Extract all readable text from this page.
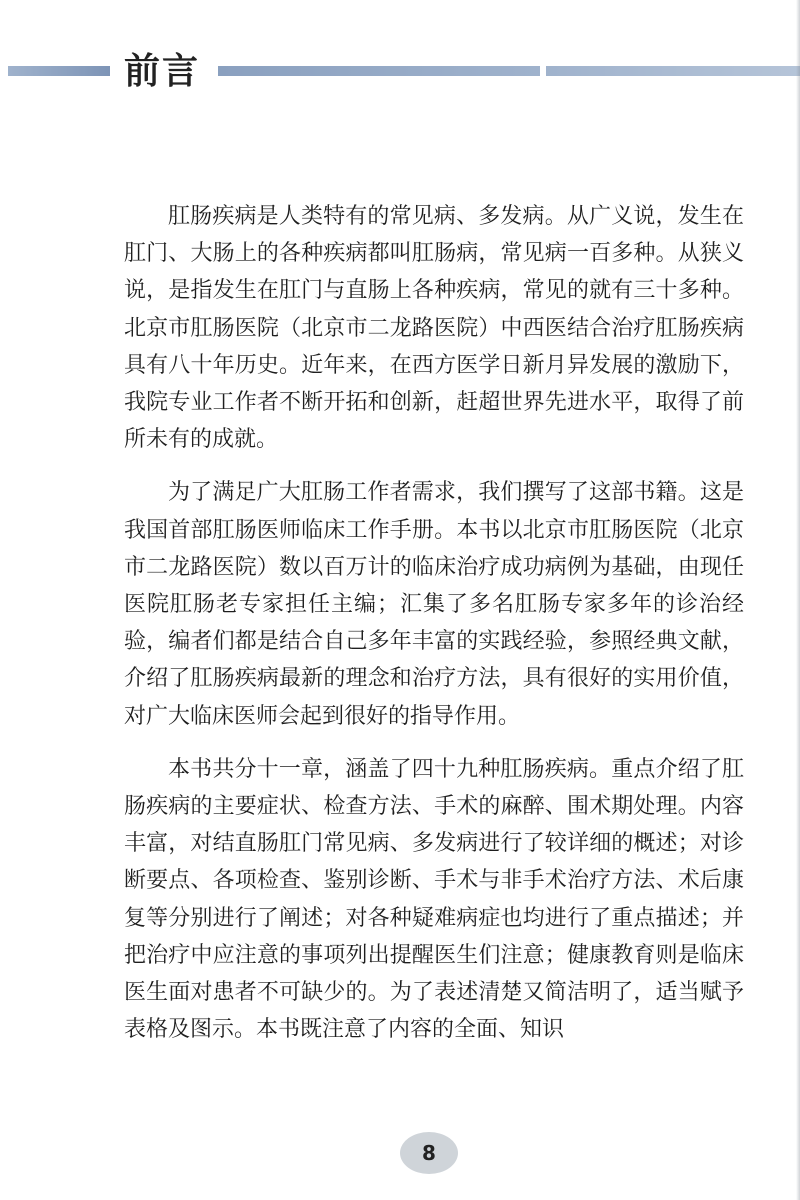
前言

肛肠疾病是人类特有的常见病、多发病。从广义说，发生在肛门、大肠上的各种疾病都叫肛肠病，常见病一百多种。从狭义说，是指发生在肛门与直肠上各种疾病，常见的就有三十多种。北京市肛肠医院（北京市二龙路医院）中西医结合治疗肛肠疾病具有八十年历史。近年来，在西方医学日新月异发展的激励下，我院专业工作者不断开拓和创新，赶超世界先进水平，取得了前所未有的成就。

为了满足广大肛肠工作者需求，我们撰写了这部书籍。这是我国首部肛肠医师临床工作手册。本书以北京市肛肠医院（北京市二龙路医院）数以百万计的临床治疗成功病例为基础，由现任医院肛肠老专家担任主编；汇集了多名肛肠专家多年的诊治经验，编者们都是结合自己多年丰富的实践经验，参照经典文献，介绍了肛肠疾病最新的理念和治疗方法，具有很好的实用价值，对广大临床医师会起到很好的指导作用。

本书共分十一章，涵盖了四十九种肛肠疾病。重点介绍了肛肠疾病的主要症状、检查方法、手术的麻醉、围术期处理。内容丰富，对结直肠肛门常见病、多发病进行了较详细的概述；对诊断要点、各项检查、鉴别诊断、手术与非手术治疗方法、术后康复等分别进行了阐述；对各种疑难病症也均进行了重点描述；并把治疗中应注意的事项列出提醒医生们注意；健康教育则是临床医生面对患者不可缺少的。为了表述清楚又简洁明了，适当赋予表格及图示。本书既注意了内容的全面、知识

8
